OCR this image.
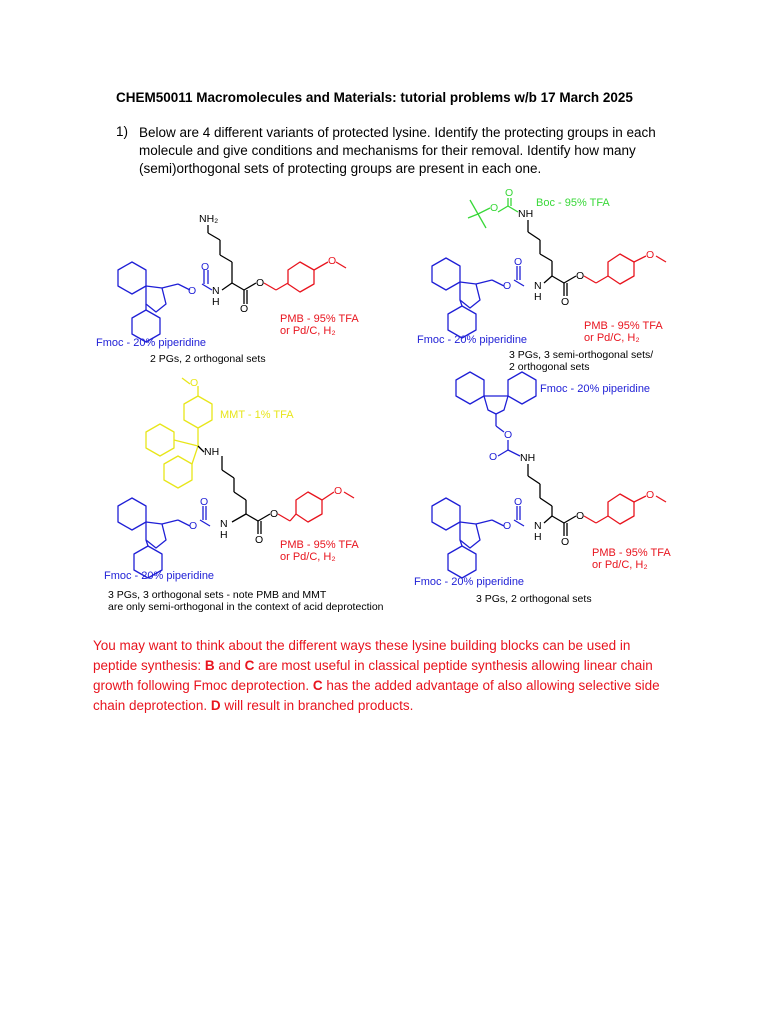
CHEM50011 Macromolecules and Materials: tutorial problems w/b 17 March 2025
1) Below are 4 different variants of protected lysine. Identify the protecting groups in each molecule and give conditions and mechanisms for their removal. Identify how many (semi)orthogonal sets of protecting groups are present in each one.
NH₂
O
O
N
H
O
O
O
PMB - 95% TFA
or Pd/C, H₂
Fmoc - 20% piperidine
2 PGs, 2 orthogonal sets
O
O	Boc - 95% TFA
NH
O
O
N
H O
O
O
PMB - 95% TFA
or Pd/C, H₂
Fmoc - 20% piperidine
3 PGs, 3 semi-orthogonal sets/
2 orthogonal sets
O
MMT - 1% TFA
NH
O
O
N
H	O
O
O
PMB - 95% TFA
or Pd/C, H₂
Fmoc - 20% piperidine
3 PGs, 3 orthogonal sets - note PMB and MMT
are only semi-orthogonal in the context of acid deprotection
Fmoc - 20% piperidine
O
O NH
O
O
N
H O
O
O
PMB - 95% TFA
or Pd/C, H₂
Fmoc - 20% piperidine
3 PGs, 2 orthogonal sets
You may want to think about the different ways these lysine building blocks can be used in peptide synthesis: B and C are most useful in classical peptide synthesis allowing linear chain growth following Fmoc deprotection. C has the added advantage of also allowing selective side chain deprotection. D will result in branched products.
